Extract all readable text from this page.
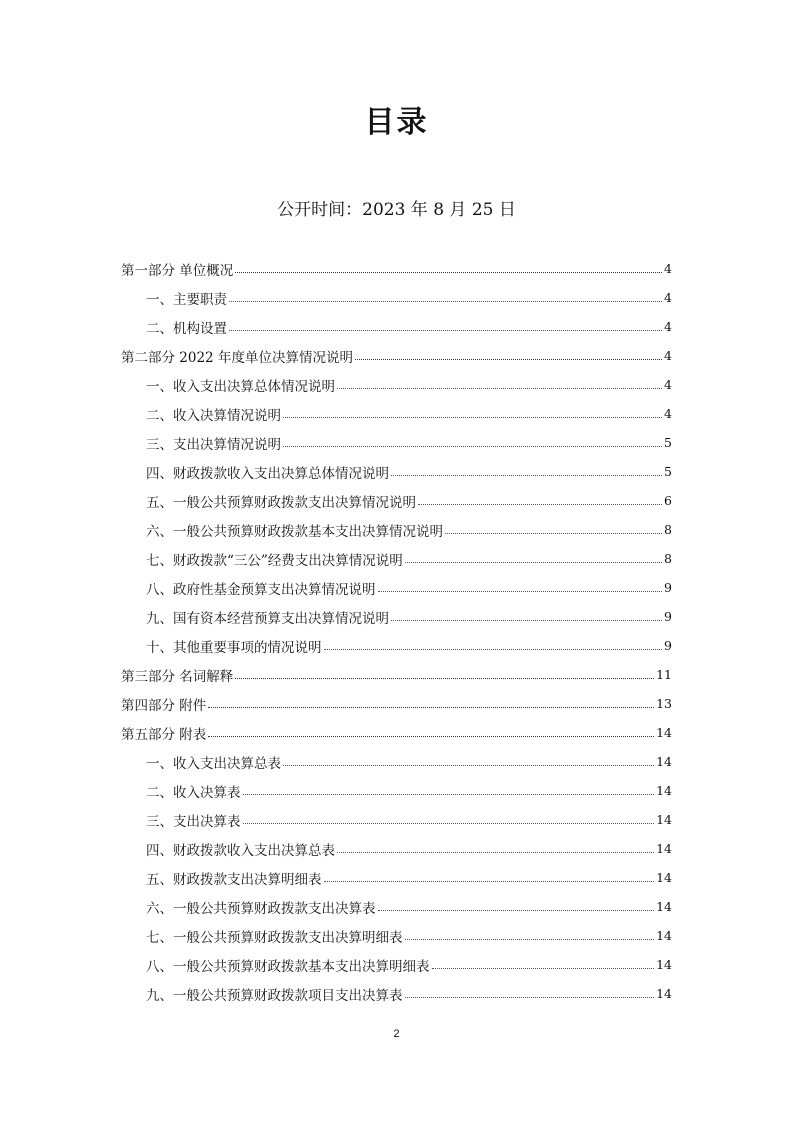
目录
公开时间：2023 年 8 月 25 日
第一部分 单位概况	4
一、主要职责	4
二、机构设置	4
第二部分 2022 年度单位决算情况说明	4
一、收入支出决算总体情况说明	4
二、收入决算情况说明	4
三、支出决算情况说明	5
四、财政拨款收入支出决算总体情况说明	5
五、一般公共预算财政拨款支出决算情况说明	6
六、一般公共预算财政拨款基本支出决算情况说明	8
七、财政拨款“三公”经费支出决算情况说明	8
八、政府性基金预算支出决算情况说明	9
九、国有资本经营预算支出决算情况说明	9
十、其他重要事项的情况说明	9
第三部分 名词解释	11
第四部分 附件	13
第五部分 附表	14
一、收入支出决算总表	14
二、收入决算表	14
三、支出决算表	14
四、财政拨款收入支出决算总表	14
五、财政拨款支出决算明细表	14
六、一般公共预算财政拨款支出决算表	14
七、一般公共预算财政拨款支出决算明细表	14
八、一般公共预算财政拨款基本支出决算明细表	14
九、一般公共预算财政拨款项目支出决算表	14
2
